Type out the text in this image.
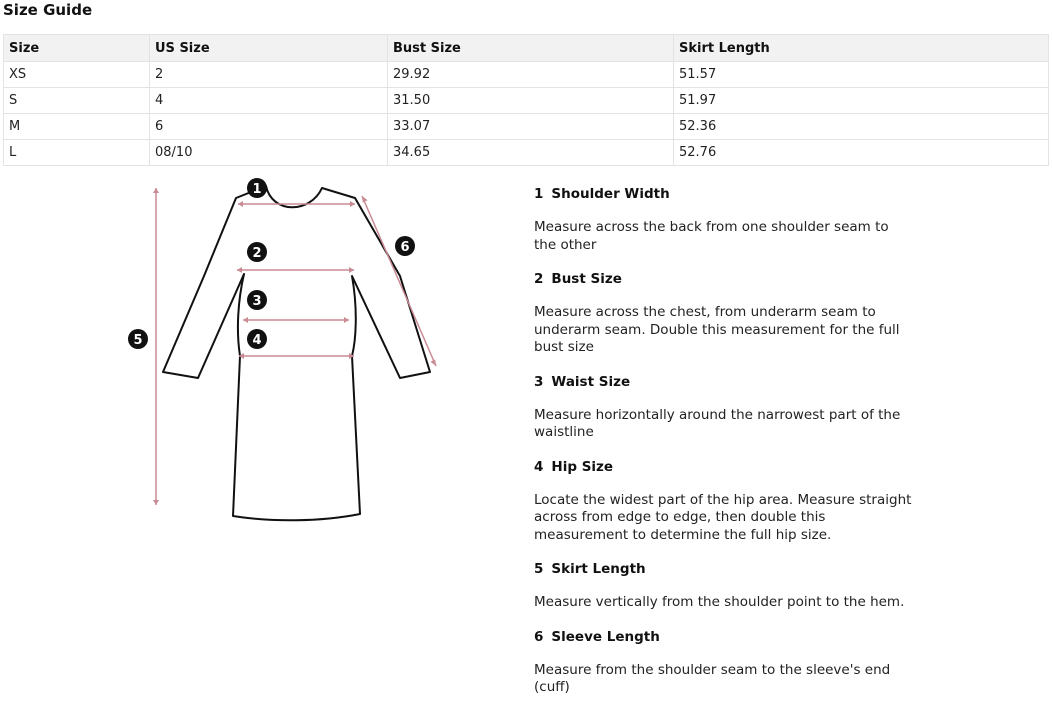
Size Guide
Size	US Size	Bust Size	Skirt Length
XS	2	29.92	51.57
S	4	31.50	51.97
M	6	33.07	52.36
L	08/10	34.65	52.76
1
2
3
4
5
6
1 Shoulder Width

Measure across the back from one shoulder seam to the other

2 Bust Size

Measure across the chest, from underarm seam to underarm seam. Double this measurement for the full bust size

3 Waist Size

Measure horizontally around the narrowest part of the waistline

4 Hip Size

Locate the widest part of the hip area. Measure straight across from edge to edge, then double this measurement to determine the full hip size.

5 Skirt Length

Measure vertically from the shoulder point to the hem.

6 Sleeve Length

Measure from the shoulder seam to the sleeve's end (cuff)
